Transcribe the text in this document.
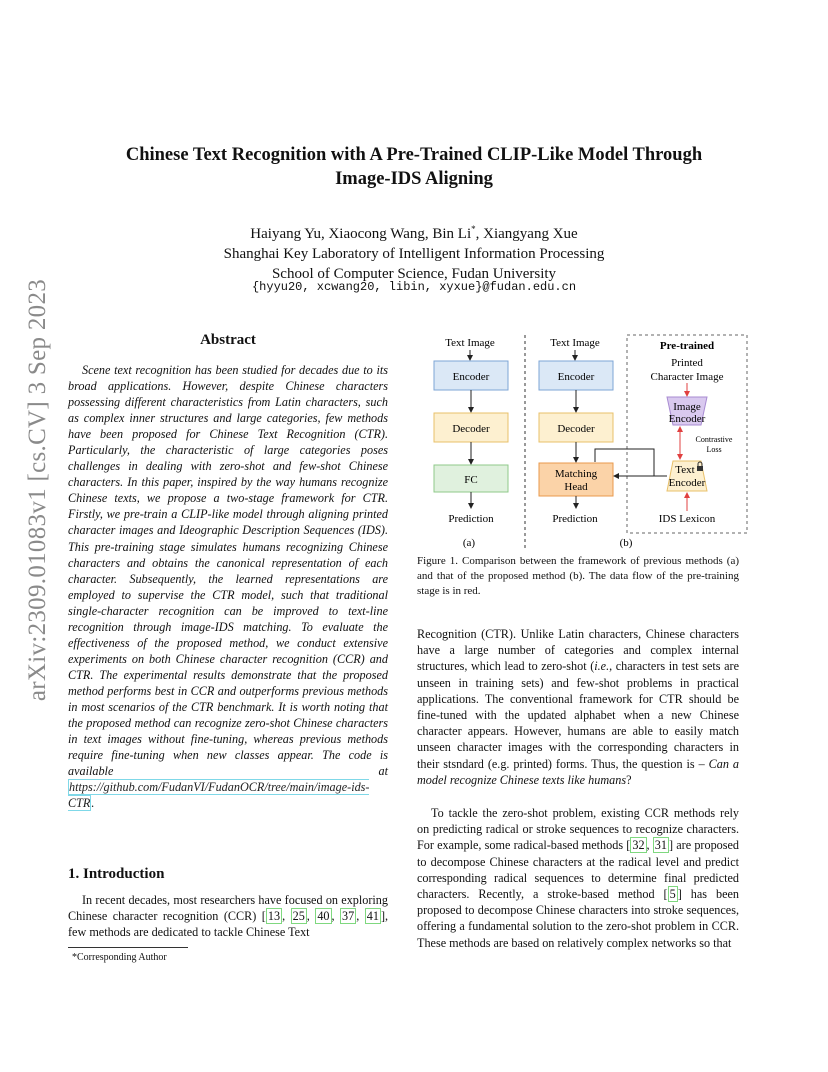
arXiv:2309.01083v1 [cs.CV] 3 Sep 2023
Chinese Text Recognition with A Pre-Trained CLIP-Like Model Through
Image-IDS Aligning
Haiyang Yu, Xiaocong Wang, Bin Li*, Xiangyang Xue
Shanghai Key Laboratory of Intelligent Information Processing
School of Computer Science, Fudan University
{hyyu20, xcwang20, libin, xyxue}@fudan.edu.cn
Abstract
Scene text recognition has been studied for decades due to its broad applications. However, despite Chinese characters possessing different characteristics from Latin characters, such as complex inner structures and large categories, few methods have been proposed for Chinese Text Recognition (CTR). Particularly, the characteristic of large categories poses challenges in dealing with zero-shot and few-shot Chinese characters. In this paper, inspired by the way humans recognize Chinese texts, we propose a two-stage framework for CTR. Firstly, we pre-train a CLIP-like model through aligning printed character images and Ideographic Description Sequences (IDS). This pre-training stage simulates humans recognizing Chinese characters and obtains the canonical representation of each character. Subsequently, the learned representations are employed to supervise the CTR model, such that traditional single-character recognition can be improved to text-line recognition through image-IDS matching. To evaluate the effectiveness of the proposed method, we conduct extensive experiments on both Chinese character recognition (CCR) and CTR. The experimental results demonstrate that the proposed method performs best in CCR and outperforms previous methods in most scenarios of the CTR benchmark. It is worth noting that the proposed method can recognize zero-shot Chinese characters in text images without fine-tuning, whereas previous methods require fine-tuning when new classes appear. The code is available at https://github.com/FudanVI/FudanOCR/tree/main/image-ids-CTR.
1. Introduction
In recent decades, most researchers have focused on exploring Chinese character recognition (CCR) [ 13 , 25 , 40 , 37 , 41 ], few methods are dedicated to tackle Chinese Text
*Corresponding Author
Text Image
Encoder
Decoder
FC
Prediction
(a)
Text Image
Encoder
Decoder
Matching
Head
Prediction
(b)
Pre-trained
Printed
Character Image
Image
Encoder
Contrastive
Loss
Text
Encoder
IDS Lexicon
Figure 1. Comparison between the framework of previous methods (a) and that of the proposed method (b). The data flow of the pre-training stage is in red.
Recognition (CTR). Unlike Latin characters, Chinese characters have a large number of categories and complex internal structures, which lead to zero-shot (i.e., characters in test sets are unseen in training sets) and few-shot problems in practical applications. The conventional framework for CTR should be fine-tuned with the updated alphabet when a new Chinese character appears. However, humans are able to easily match unseen character images with the corresponding characters in their stsndard (e.g. printed) forms. Thus, the question is – Can a model recognize Chinese texts like humans?
To tackle the zero-shot problem, existing CCR methods rely on predicting radical or stroke sequences to recognize characters. For example, some radical-based methods [ 32 , 31 ] are proposed to decompose Chinese characters at the radical level and predict corresponding radical sequences to determine final predicted characters. Recently, a stroke-based method [ 5 ] has been proposed to decompose Chinese characters into stroke sequences, offering a fundamental solution to the zero-shot problem in CCR. These methods are based on relatively complex networks so that
